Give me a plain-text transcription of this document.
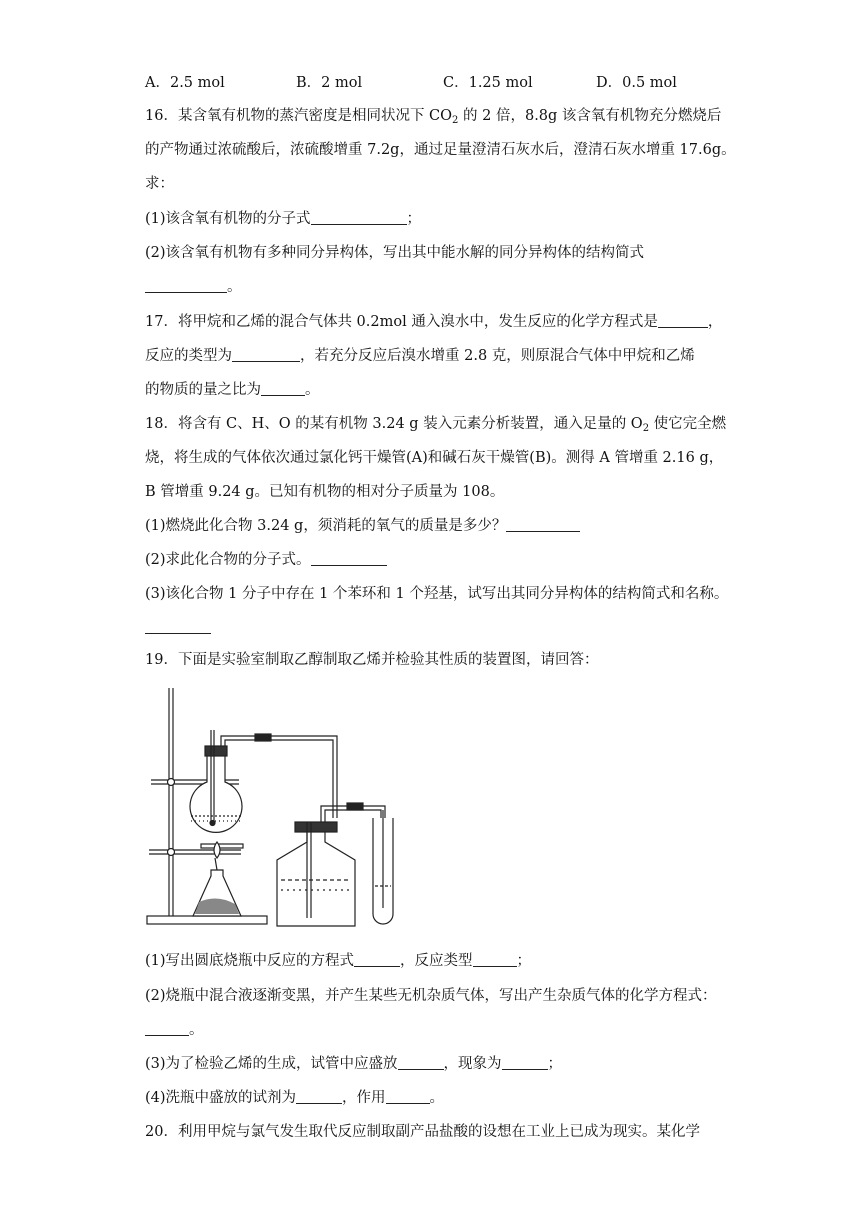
A．2.5 mol	B．2 mol	C．1.25 mol	D．0.5 mol
16．某含氧有机物的蒸汽密度是相同状况下 $CO_2$ 的 2 倍，8.8g 该含氧有机物充分燃烧后
的产物通过浓硫酸后，浓硫酸增重 7.2g，通过足量澄清石灰水后，澄清石灰水增重 17.6g。
求：
(1)该含氧有机物的分子式	；
(2)该含氧有机物有多种同分异构体，写出其中能水解的同分异构体的结构简式
。
17．将甲烷和乙烯的混合气体共 0.2mol 通入溴水中，发生反应的化学方程式是	，
反应的类型为	，若充分反应后溴水增重 2.8 克，则原混合气体中甲烷和乙烯
的物质的量之比为	。
18．将含有 C、H、O 的某有机物 3.24 g 装入元素分析装置，通入足量的 $O_2$ 使它完全燃
烧，将生成的气体依次通过氯化钙干燥管(A)和碱石灰干燥管(B)。测得 A 管增重 2.16 g，
B 管增重 9.24 g。已知有机物的相对分子质量为 108。
(1)燃烧此化合物 3.24 g，须消耗的氧气的质量是多少？
(2)求此化合物的分子式。
(3)该化合物 1 分子中存在 1 个苯环和 1 个羟基，试写出其同分异构体的结构简式和名称。
19．下面是实验室制取乙醇制取乙烯并检验其性质的装置图，请回答：
(1)写出圆底烧瓶中反应的方程式	，反应类型	；
(2)烧瓶中混合液逐渐变黑，并产生某些无机杂质气体，写出产生杂质气体的化学方程式：
。
(3)为了检验乙烯的生成，试管中应盛放	，现象为	；
(4)洗瓶中盛放的试剂为	，作用	。
20．利用甲烷与氯气发生取代反应制取副产品盐酸的设想在工业上已成为现实。某化学
